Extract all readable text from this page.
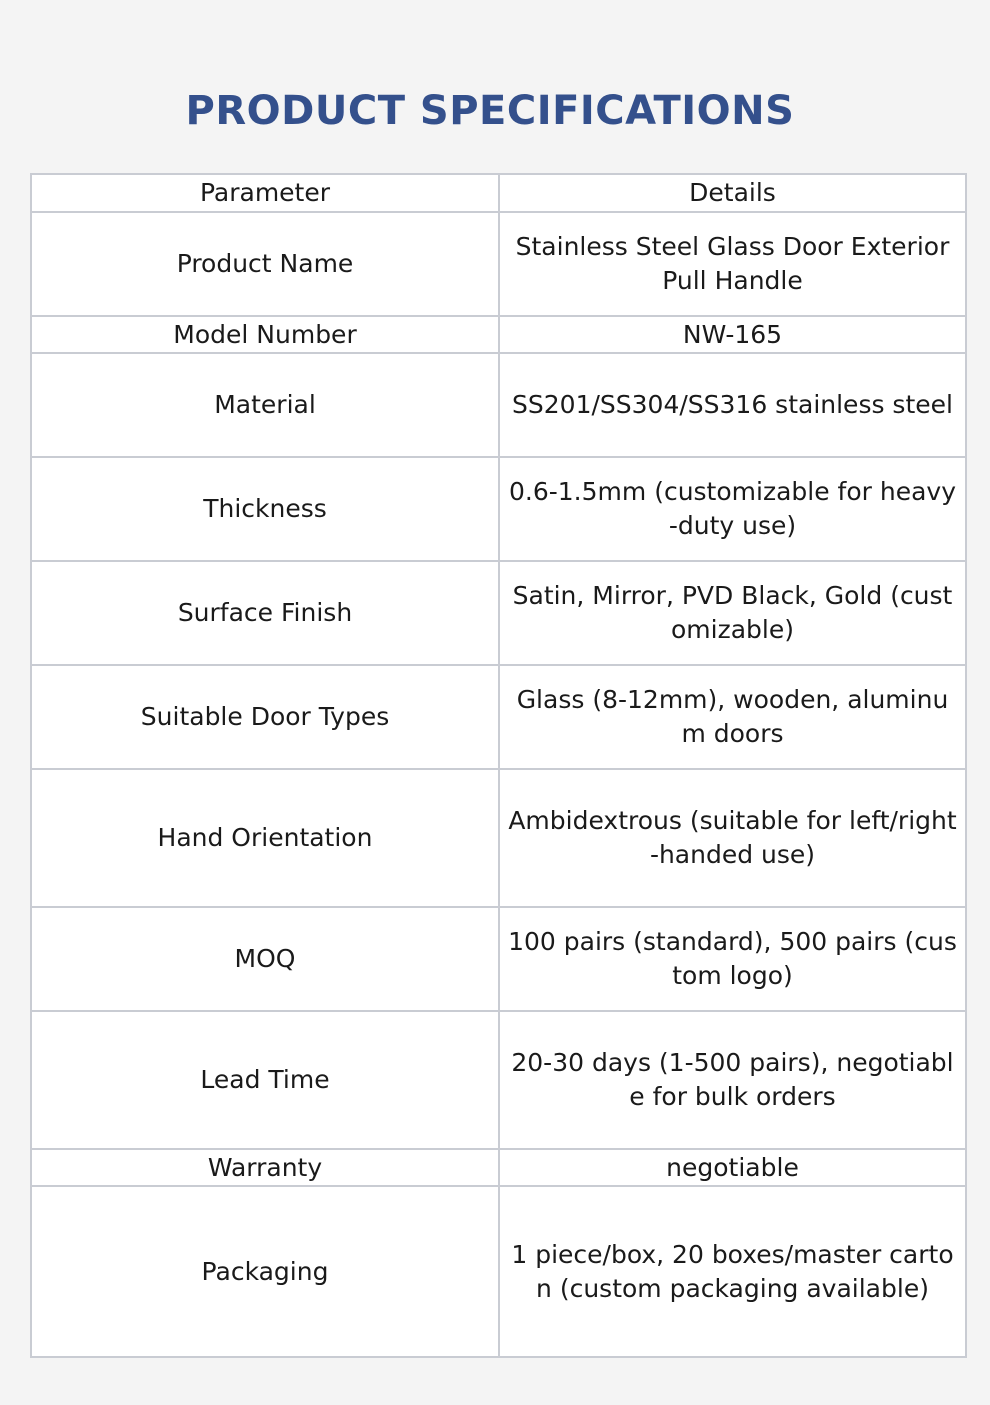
PRODUCT SPECIFICATIONS
Parameter	Details
Product Name	Stainless Steel Glass Door Exterior Pull Handle
Model Number	NW-165
Material	SS201/SS304/SS316 stainless steel
Thickness	0.6-1.5mm (customizable for heavy-duty use)
Surface Finish	Satin, Mirror, PVD Black, Gold (customizable)
Suitable Door Types	Glass (8-12mm), wooden, aluminum doors
Hand Orientation	Ambidextrous (suitable for left/right-handed use)
MOQ	100 pairs (standard), 500 pairs (custom logo)
Lead Time	20-30 days (1-500 pairs), negotiable for bulk orders
Warranty	negotiable
Packaging	1 piece/box, 20 boxes/master carton (custom packaging available)
